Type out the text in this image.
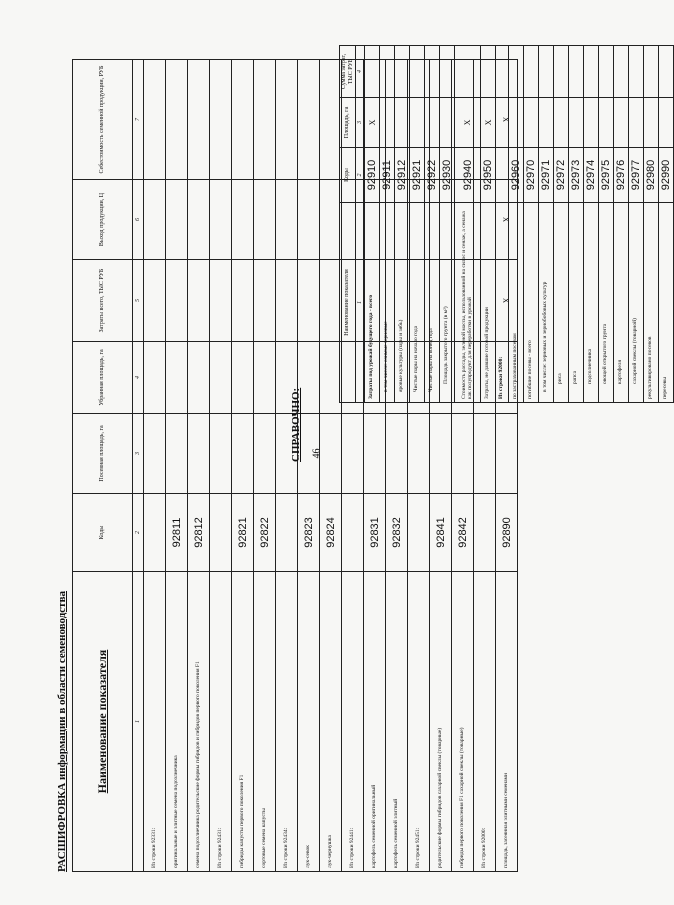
46
РАСШИФРОВКА информации в области семеноводства Наименование показателя	Коды	Посевная площадь, га	Убранная площадь, га	Затраты всего, ТЫС РУБ	Выход продукции, Ц	Себестоимость семенной продукции, РУБ
1	2	3	4	5	6	7
Из строки 92331:						
оригинальные и элитные семена подсолнечника	92811					
семена подсолнечника родительские формы гибридов и гибридов первого поколения F1	92812					
Из строки 92431:						
гибриды капусты первого поколения F1	92821					
сортовые семена капусты	92822					
Из строки 92434:						
лук-севок	92823					
лук-чернушка	92824					
Из строки 92441:						
картофель семенной оригинальный	92831					
картофель семенной элитный	92832					
Из строки 92451:						
родительские формы гибридов сахарной свеклы (товарные)	92841					
гибриды первого поколения F1 сахарной свеклы (товарные)	92842					
Из строки 92000:						
площадь, засеянная элитными семенами	92890			X	X	X
СПРАВОЧНО:
Наименование показателя	Коды	Площадь, га	Сумма затрат, ТЫС РУБ
1	2	3	4
Затраты под урожай будущего года - всего	92910	X	
в том числе: озимые зерновые	92911		
яровые культуры (пары и зябь)	92912		
Чистые пары на начало года	92921		
Чистые пары на конец года	92922		
Площадь закрытого грунта (в м²)	92930		
Стоимость рассады, зеленой массы, использованной на силос и сенаж, а сенажа как полупродукт для переработки в урожай	92940	X	
Затраты, не давшие готовой продукции	92950	X	
Из строки 92000:			
по застрахованным посевам	92960		
погибшие посевы - всего	92970		
в том числе: зерновых и зернобобовых культур	92971		
риса	92972		
рапса	92973		
подсолнечника	92974		
овощей открытого грунта	92975		
картофеля	92976		
сахарной свеклы (товарной)	92977		
рекультивировано посевов	92980		
пересевы	92990		
